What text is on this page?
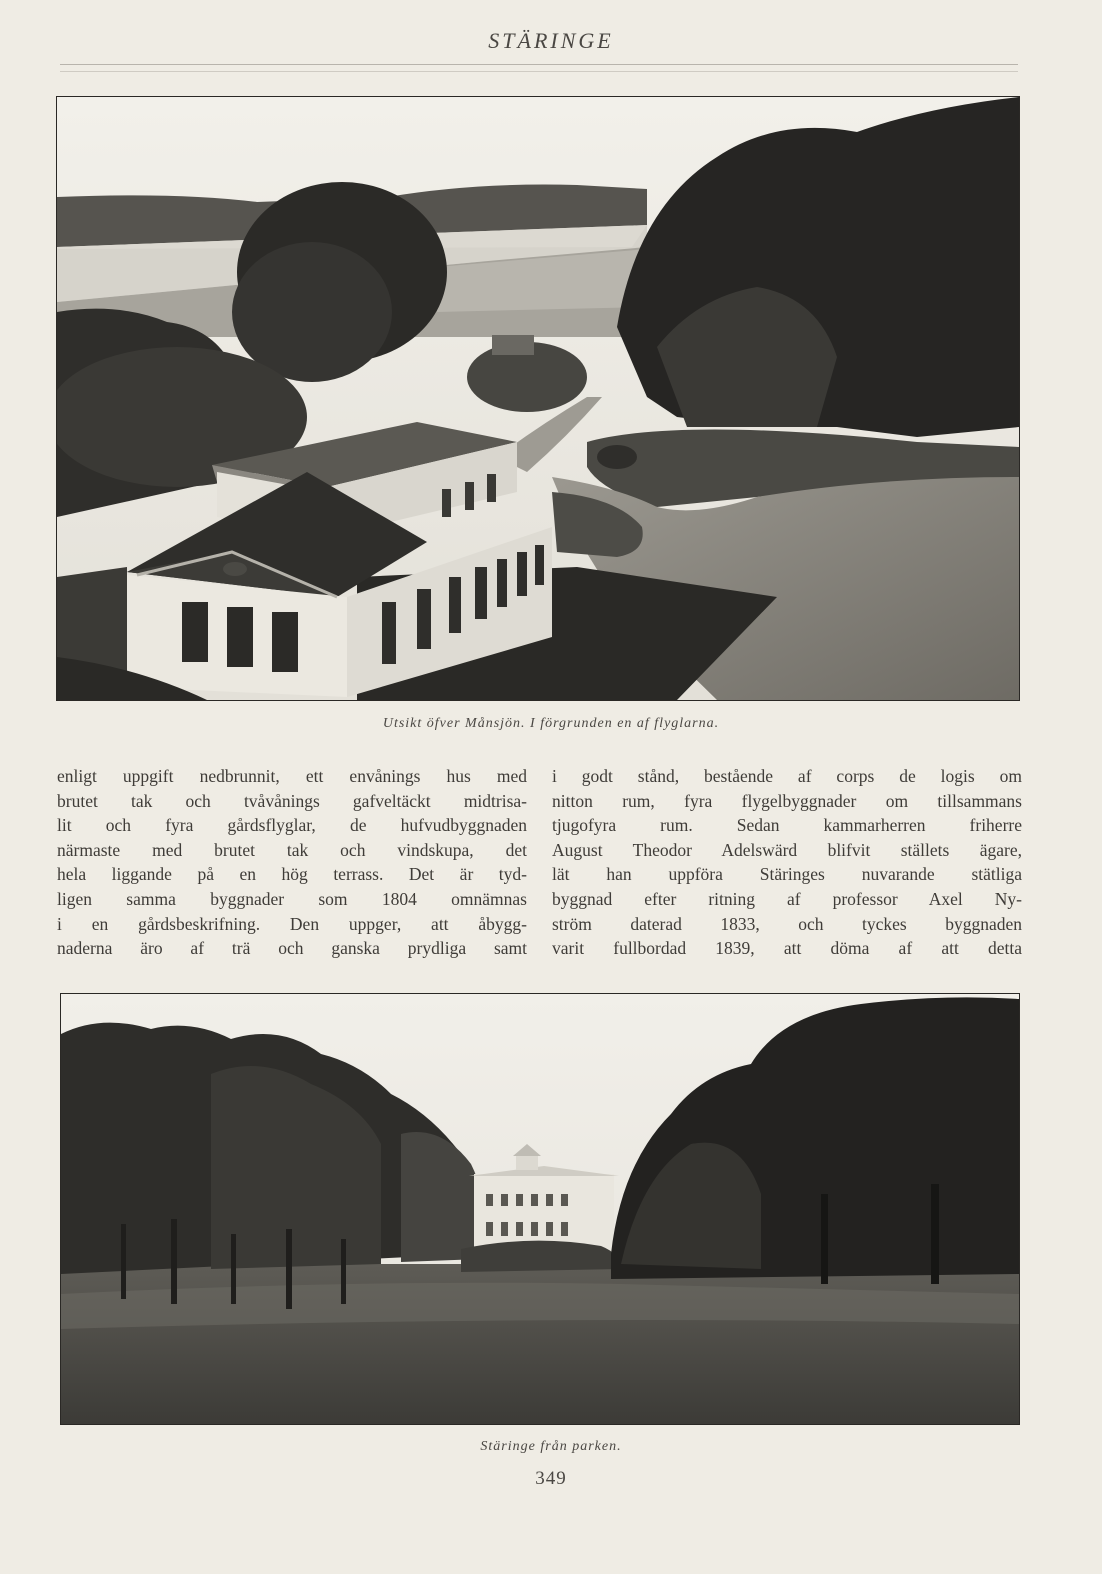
STÄRINGE
Utsikt öfver Månsjön. I förgrunden en af flyglarna.
enligt uppgift nedbrunnit, ett envånings hus med
brutet tak och tvåvånings gafveltäckt midtrisa-
lit och fyra gårdsflyglar, de hufvudbyggnaden
närmaste med brutet tak och vindskupa, det
hela liggande på en hög terrass. Det är tyd-
ligen samma byggnader som 1804 omnämnas
i en gårdsbeskrifning. Den uppger, att åbygg-
naderna äro af trä och ganska prydliga samt
i godt stånd, bestående af corps de logis om
nitton rum, fyra flygelbyggnader om tillsammans
tjugofyra rum. Sedan kammarherren friherre
August Theodor Adelswärd blifvit ställets ägare,
lät han uppföra Stäringes nuvarande stätliga
byggnad efter ritning af professor Axel Ny-
ström daterad 1833, och tyckes byggnaden
varit fullbordad 1839, att döma af att detta
Stäringe från parken.
349
